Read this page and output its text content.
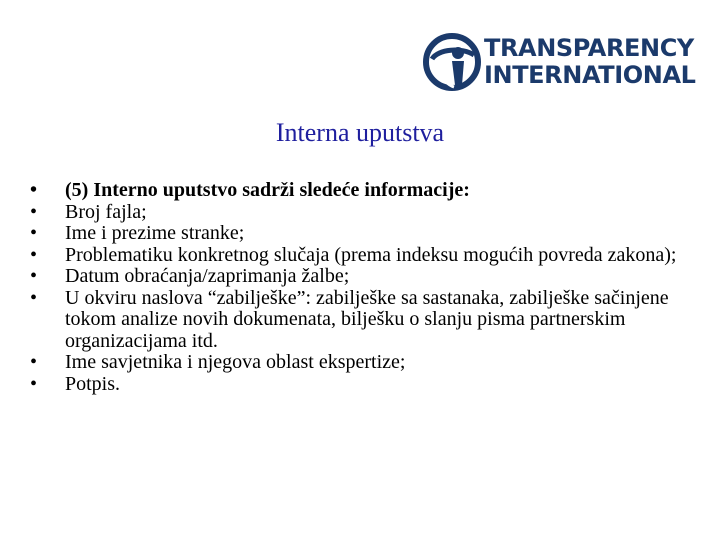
TRANSPARENCY
INTERNATIONAL
Interna uputstva
•	(5) Interno uputstvo sadrži sledeće informacije:
•	Broj fajla;
•	Ime i prezime stranke;
•	Problematiku konkretnog slučaja (prema indeksu mogućih povreda zakona);
•	Datum obraćanja/zaprimanja žalbe;
•	U okviru naslova “zabilješke”: zabilješke sa sastanaka, zabilješke sačinjene tokom analize novih dokumenata, bilješku o slanju pisma partnerskim organizacijama itd.
•	Ime savjetnika i njegova oblast ekspertize;
•	Potpis.
